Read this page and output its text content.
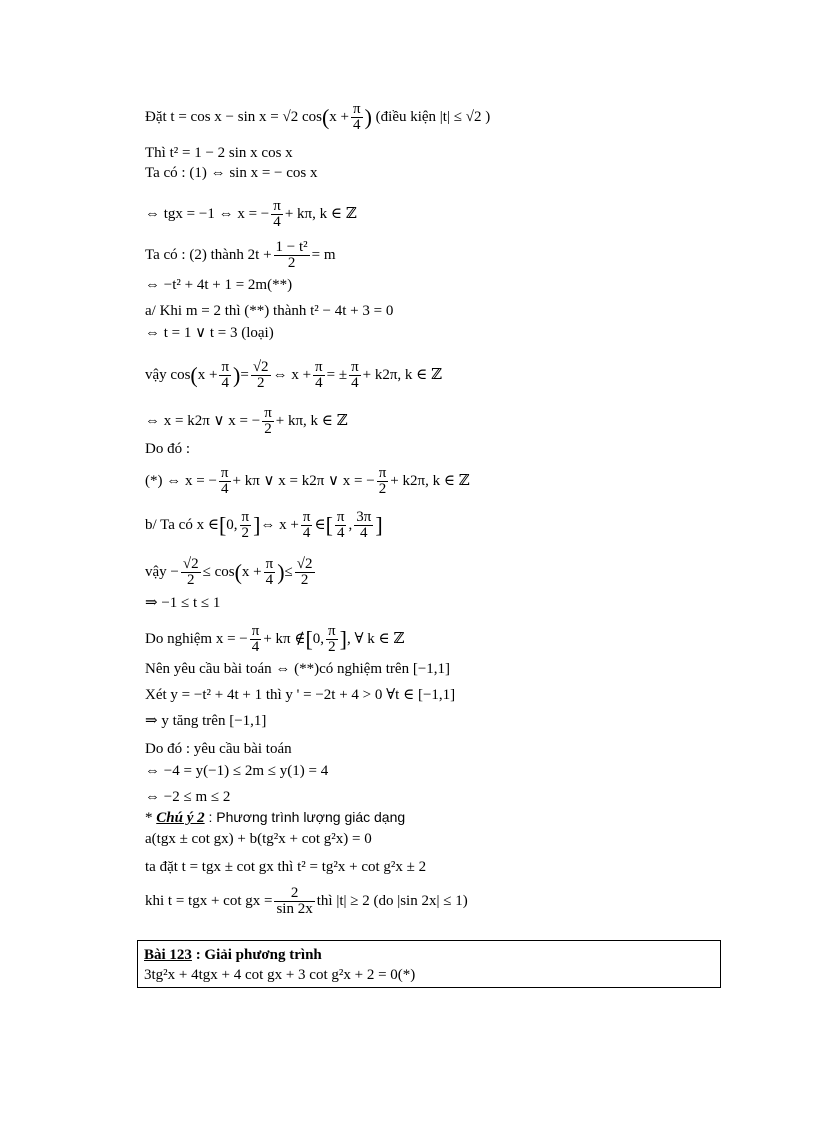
Đặt t = cos x − sin x = √2 $\cos(x + \frac{\pi}{4}$ ) (điều kiện |t| ≤ √2 )
Thì t² = 1 − 2 sin x cos x
Ta có : (1) ⇔ sin x = − cos x
⇔ tgx = −1 ⇔ x = − $\frac{\pi}{4} + k\pi$, k ∈ ℤ
Ta có : (2) thành $2t + \frac{\text{1 − t²}}{2} = m$
⇔ −t² + 4t + 1 = 2m(**)
a/ Khi m = 2 thì (**) thành t² − 4t + 3 = 0
⇔ t = 1 ∨ t = 3 (loại)
vậy $\cos(x + \frac{\pi}{4}$ )= $\frac{√2}{2}$ ⇔ $x + \frac{\pi}{4}$ = ± $\frac{\pi}{4} + k2\pi$, k ∈ ℤ
⇔ x = k2π ∨ x = − $\frac{\pi}{2} + k\pi$, k ∈ ℤ
Do đó :
(*) ⇔ x = − $\frac{\pi}{4} + k\pi$ ∨ x = k2π ∨ x = − $\frac{\pi}{2} + k2\pi$, k ∈ ℤ
b/ Ta có x ∈[0, $\frac{\pi}{2}$ ]⇔ $x + \frac{\pi}{4}$ ∈[ $\frac{\pi}{4}$ , $\frac{3\pi}{4}$ ]
vậy − $\frac{√2}{2} \le \cos(x + \frac{\pi}{4}$ )≤ $\frac{√2}{2}$
⇒ −1 ≤ t ≤ 1
Do nghiệm x = − $\frac{\pi}{4} + k\pi$ ∉[0, $\frac{\pi}{2}$ ], ∀ k ∈ ℤ
Nên yêu cầu bài toán ⇔ (**)có nghiệm trên [−1,1]
Xét y = −t² + 4t + 1 thì y ' = −2t + 4 > 0 ∀t ∈ [−1,1]
⇒ y tăng trên [−1,1]
Do đó : yêu cầu bài toán
⇔ −4 = y(−1) ≤ 2m ≤ y(1) = 4
⇔ −2 ≤ m ≤ 2
* Chú ý 2 : Phương trình lượng giác dạng
a(tgx ± cot gx) + b(tg²x + cot g²x) = 0
ta đặt t = tgx ± cot gx thì t² = tg²x + cot g²x ± 2
khi t = tgx + cot gx = $\frac{2}{\sin 2x}$ thì |t| ≥ 2 (do |sin 2x| ≤ 1)
Bài 123 : Giải phương trình
3tg²x + 4tgx + 4 cot gx + 3 cot g²x + 2 = 0(*)
